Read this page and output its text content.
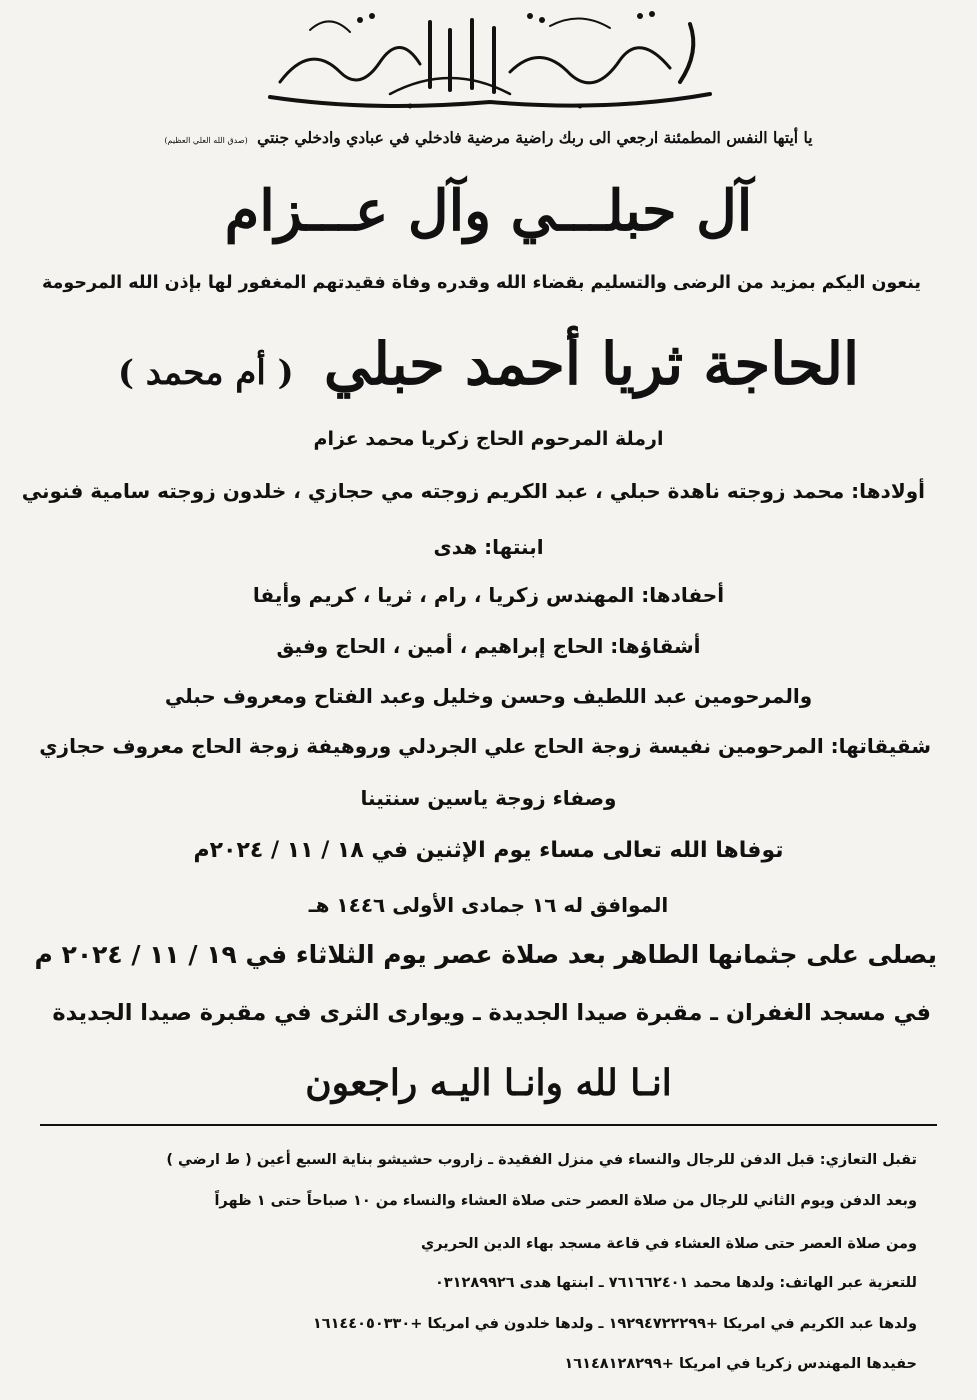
يا أيتها النفس المطمئنة ارجعي الى ربك راضية مرضية فادخلي في عبادي وادخلي جنتي (صدق الله العلي العظيم)
آل حبلـــي وآل عـــزام
ينعون اليكم بمزيد من الرضى والتسليم بقضاء الله وقدره وفاة فقيدتهم المغفور لها بإذن الله المرحومة
الحاجة ثريا أحمد حبلي ( أم محمد )
ارملة المرحوم الحاج زكريا محمد عزام
أولادها: محمد زوجته ناهدة حبلي ، عبد الكريم زوجته مي حجازي ، خلدون زوجته سامية فنوني
ابنتها: هدى
أحفادها: المهندس زكريا ، رام ، ثريا ، كريم وأيفا
أشقاؤها: الحاج إبراهيم ، أمين ، الحاج وفيق
والمرحومين عبد اللطيف وحسن وخليل وعبد الفتاح ومعروف حبلي
شقيقاتها: المرحومين نفيسة زوجة الحاج علي الجردلي وروهيفة زوجة الحاج معروف حجازي
وصفاء زوجة ياسين سنتينا
توفاها الله تعالى مساء يوم الإثنين في ١٨ / ١١ / ٢٠٢٤م
الموافق له ١٦ جمادى الأولى ١٤٤٦ هـ
يصلى على جثمانها الطاهر بعد صلاة عصر يوم الثلاثاء في ١٩ / ١١ / ٢٠٢٤ م
في مسجد الغفران ـ مقبرة صيدا الجديدة ـ ويوارى الثرى في مقبرة صيدا الجديدة
انـا لله وانـا اليـه راجعون
تقبل التعازي: قبل الدفن للرجال والنساء في منزل الفقيدة ـ زاروب حشيشو بناية السبع أعين ( ط ارضي )
وبعد الدفن ويوم الثاني للرجال من صلاة العصر حتى صلاة العشاء والنساء من ١٠ صباحاً حتى ١ ظهراً
ومن صلاة العصر حتى صلاة العشاء في قاعة مسجد بهاء الدين الحريري
للتعزية عبر الهاتف: ولدها محمد ٧٦١٦٦٢٤٠١ ـ ابنتها هدى ٠٣١٢٨٩٩٢٦
ولدها عبد الكريم في امريكا ‎+١٩٢٩٤٧٢٢٢٩٩ ـ ولدها خلدون في امريكا ‎+١٦١٤٤٠٥٠٣٣٠
حفيدها المهندس زكريا في امريكا ‎+١٦١٤٨١٢٨٢٩٩
